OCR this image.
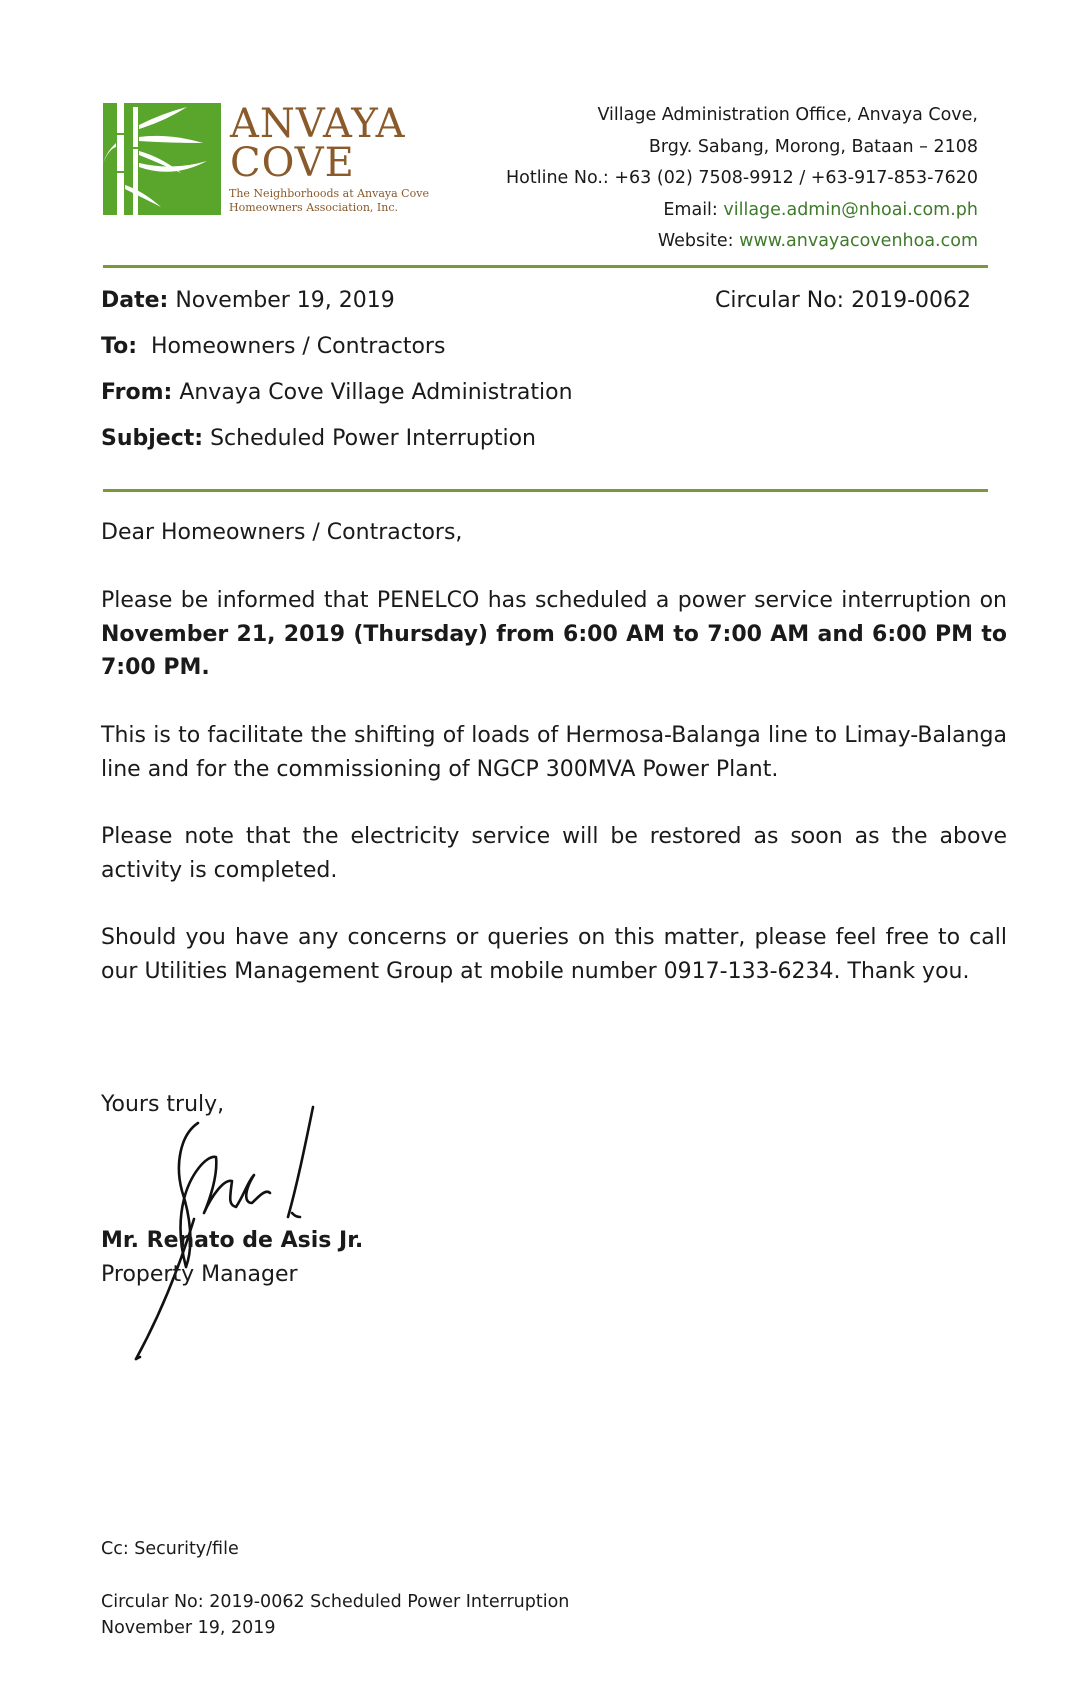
ANVAYA
COVE
The Neighborhoods at Anvaya Cove
Homeowners Association, Inc.
Village Administration Office, Anvaya Cove,
Brgy. Sabang, Morong, Bataan – 2108
Hotline No.: +63 (02) 7508-9912 / +63-917-853-7620
Email: village.admin@nhoai.com.ph
Website: www.anvayacovenhoa.com
Date: November 19, 2019	Circular No: 2019-0062
To: Homeowners / Contractors
From: Anvaya Cove Village Administration
Subject: Scheduled Power Interruption
Dear Homeowners / Contractors,
Please be informed that PENELCO has scheduled a power service interruption on November 21, 2019 (Thursday) from 6:00 AM to 7:00 AM and 6:00 PM to 7:00 PM.
This is to facilitate the shifting of loads of Hermosa-Balanga line to Limay-Balanga line and for the commissioning of NGCP 300MVA Power Plant.
Please note that the electricity service will be restored as soon as the above activity is completed.
Should you have any concerns or queries on this matter, please feel free to call our Utilities Management Group at mobile number 0917-133-6234. Thank you.
Yours truly,
Mr. Renato de Asis Jr.
Property Manager
Cc: Security/file
Circular No: 2019-0062 Scheduled Power Interruption
November 19, 2019
